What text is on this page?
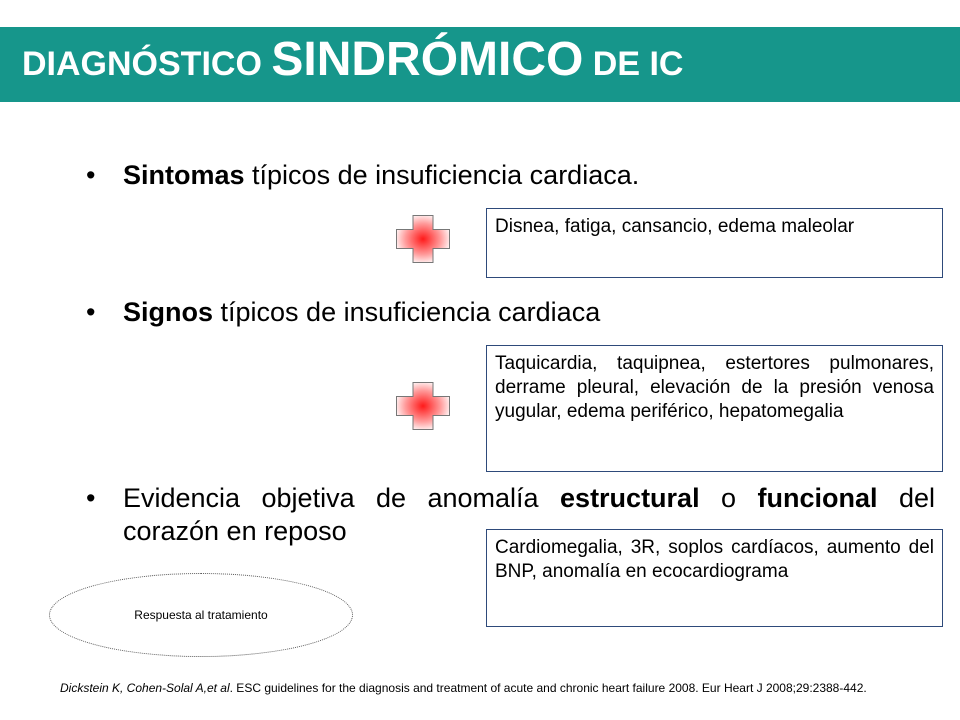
DIAGNÓSTICO SINDRÓMICO DE IC
• Sintomas típicos de insuficiencia cardiaca.
• Signos típicos de insuficiencia cardiaca
• Evidencia objetiva de anomalía estructural o funcional del corazón en reposo
Disnea, fatiga, cansancio, edema maleolar
Taquicardia, taquipnea, estertores pulmonares, derrame pleural, elevación de la presión venosa yugular, edema periférico, hepatomegalia
Cardiomegalia, 3R, soplos cardíacos, aumento del BNP, anomalía en ecocardiograma
Respuesta al tratamiento
Dickstein K, Cohen-Solal A,et al. ESC guidelines for the diagnosis and treatment of acute and chronic heart failure 2008. Eur Heart J 2008;29:2388-442.
